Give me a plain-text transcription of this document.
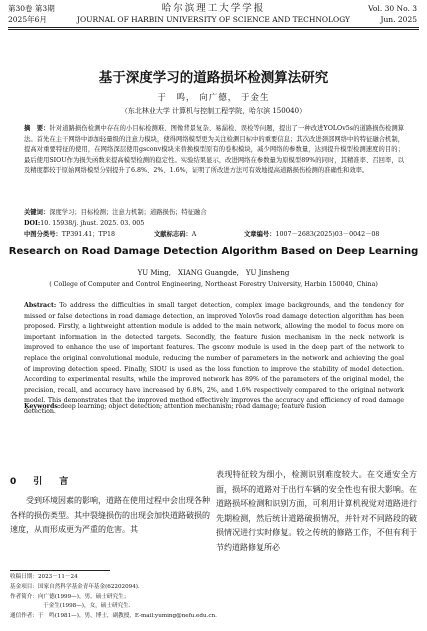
第30卷 第3期
2025年6月
哈尔滨理工大学学报
JOURNAL OF HARBIN UNIVERSITY OF SCIENCE AND TECHNOLOGY
Vol. 30 No. 3
Jun. 2025
基于深度学习的道路损坏检测算法研究
于　鸣， 向广德， 于金生
（东北林业大学 计算机与控制工程学院，哈尔滨 150040）
摘　要：针对道路损伤检测中存在的小目标检测难、图像背景复杂、易漏检、误检等问题，提出了一种改进YOLOv5s的道路损伤检测算法。首先在主干网络中添加轻量级的注意力模块，使得网络模型更为关注检测目标中的重要信息；其次改进颈部网络中的特征融合机制，提高对重要特征的使用，在网络深层使用gsconv模块来替换模型原有的卷积模块，减少网络的参数量，达到提升模型检测速度的目的；最后使用SIOU作为损失函数来提高模型检测的稳定性。实验结果显示，改进网络在参数量为原模型89%的同时，其精准率、召回率，以及精度都较于原始网络模型分别提升了6.8%、2%、1.6%，证明了所改进方法可有效地提高道路损伤检测的准确性和效率。
关键词：深度学习；目标检测；注意力机制；道路损伤；特征融合
DOI:10. 15938/j. jhust. 2025. 03. 005
中图分类号：TP391.41；TP18	文献标志码：A	文章编号：1007－2683(2025)03－0042－08
Research on Road Damage Detection Algorithm Based on Deep Learning
YU Ming,　XIANG Guangde,　YU Jinsheng
( College of Computer and Control Engineering, Northeast Forestry University, Harbin 150040, China)
Abstract: To address the difficulties in small target detection, complex image backgrounds, and the tendency for missed or false detections in road damage detection, an improved Yolov5s road damage detection algorithm has been proposed. Firstly, a lightweight attention module is added to the main network, allowing the model to focus more on important information in the detected targets. Secondly, the feature fusion mechanism in the neck network is improved to enhance the use of important features. The gsconv module is used in the deep part of the network to replace the original convolutional module, reducing the number of parameters in the network and achieving the goal of improving detection speed. Finally, SIOU is used as the loss function to improve the stability of model detection. According to experimental results, while the improved network has 89% of the parameters of the original model, the precision, recall, and accuracy have increased by 6.8%, 2%, and 1.6% respectively compared to the original network model. This demonstrates that the improved method effectively improves the accuracy and efficiency of road damage detection.
Keywords:deep learning; object detection; attention mechanism; road damage; feature fusion
0　引　言
受到环境因素的影响，道路在使用过程中会出现各种各样的损伤类型。其中裂缝损伤的出现会加快道路破损的速度，从而形成更为严重的危害。其
表现特征较为细小，检测识别难度较大。在交通安全方面，损坏的道路对于出行车辆的安全性也有很大影响。在道路损坏检测和识别方面，可利用计算机视觉对道路进行先期检测，然后统计道路破损情况，并针对不同路段的破损情况进行实时修复。较之传统的修路工作，不但有利于节约道路修复所必
收稿日期：2023－11－24
基金项目：国家自然科学基金青年基金(62202094).
作者简介：向广德(1999—)，男，硕士研究生；
于金生(1998—)，女，硕士研究生.
通信作者：于　鸣(1981—)，男，博士，副教授，E-mail:yuming@nefu.edu.cn.
